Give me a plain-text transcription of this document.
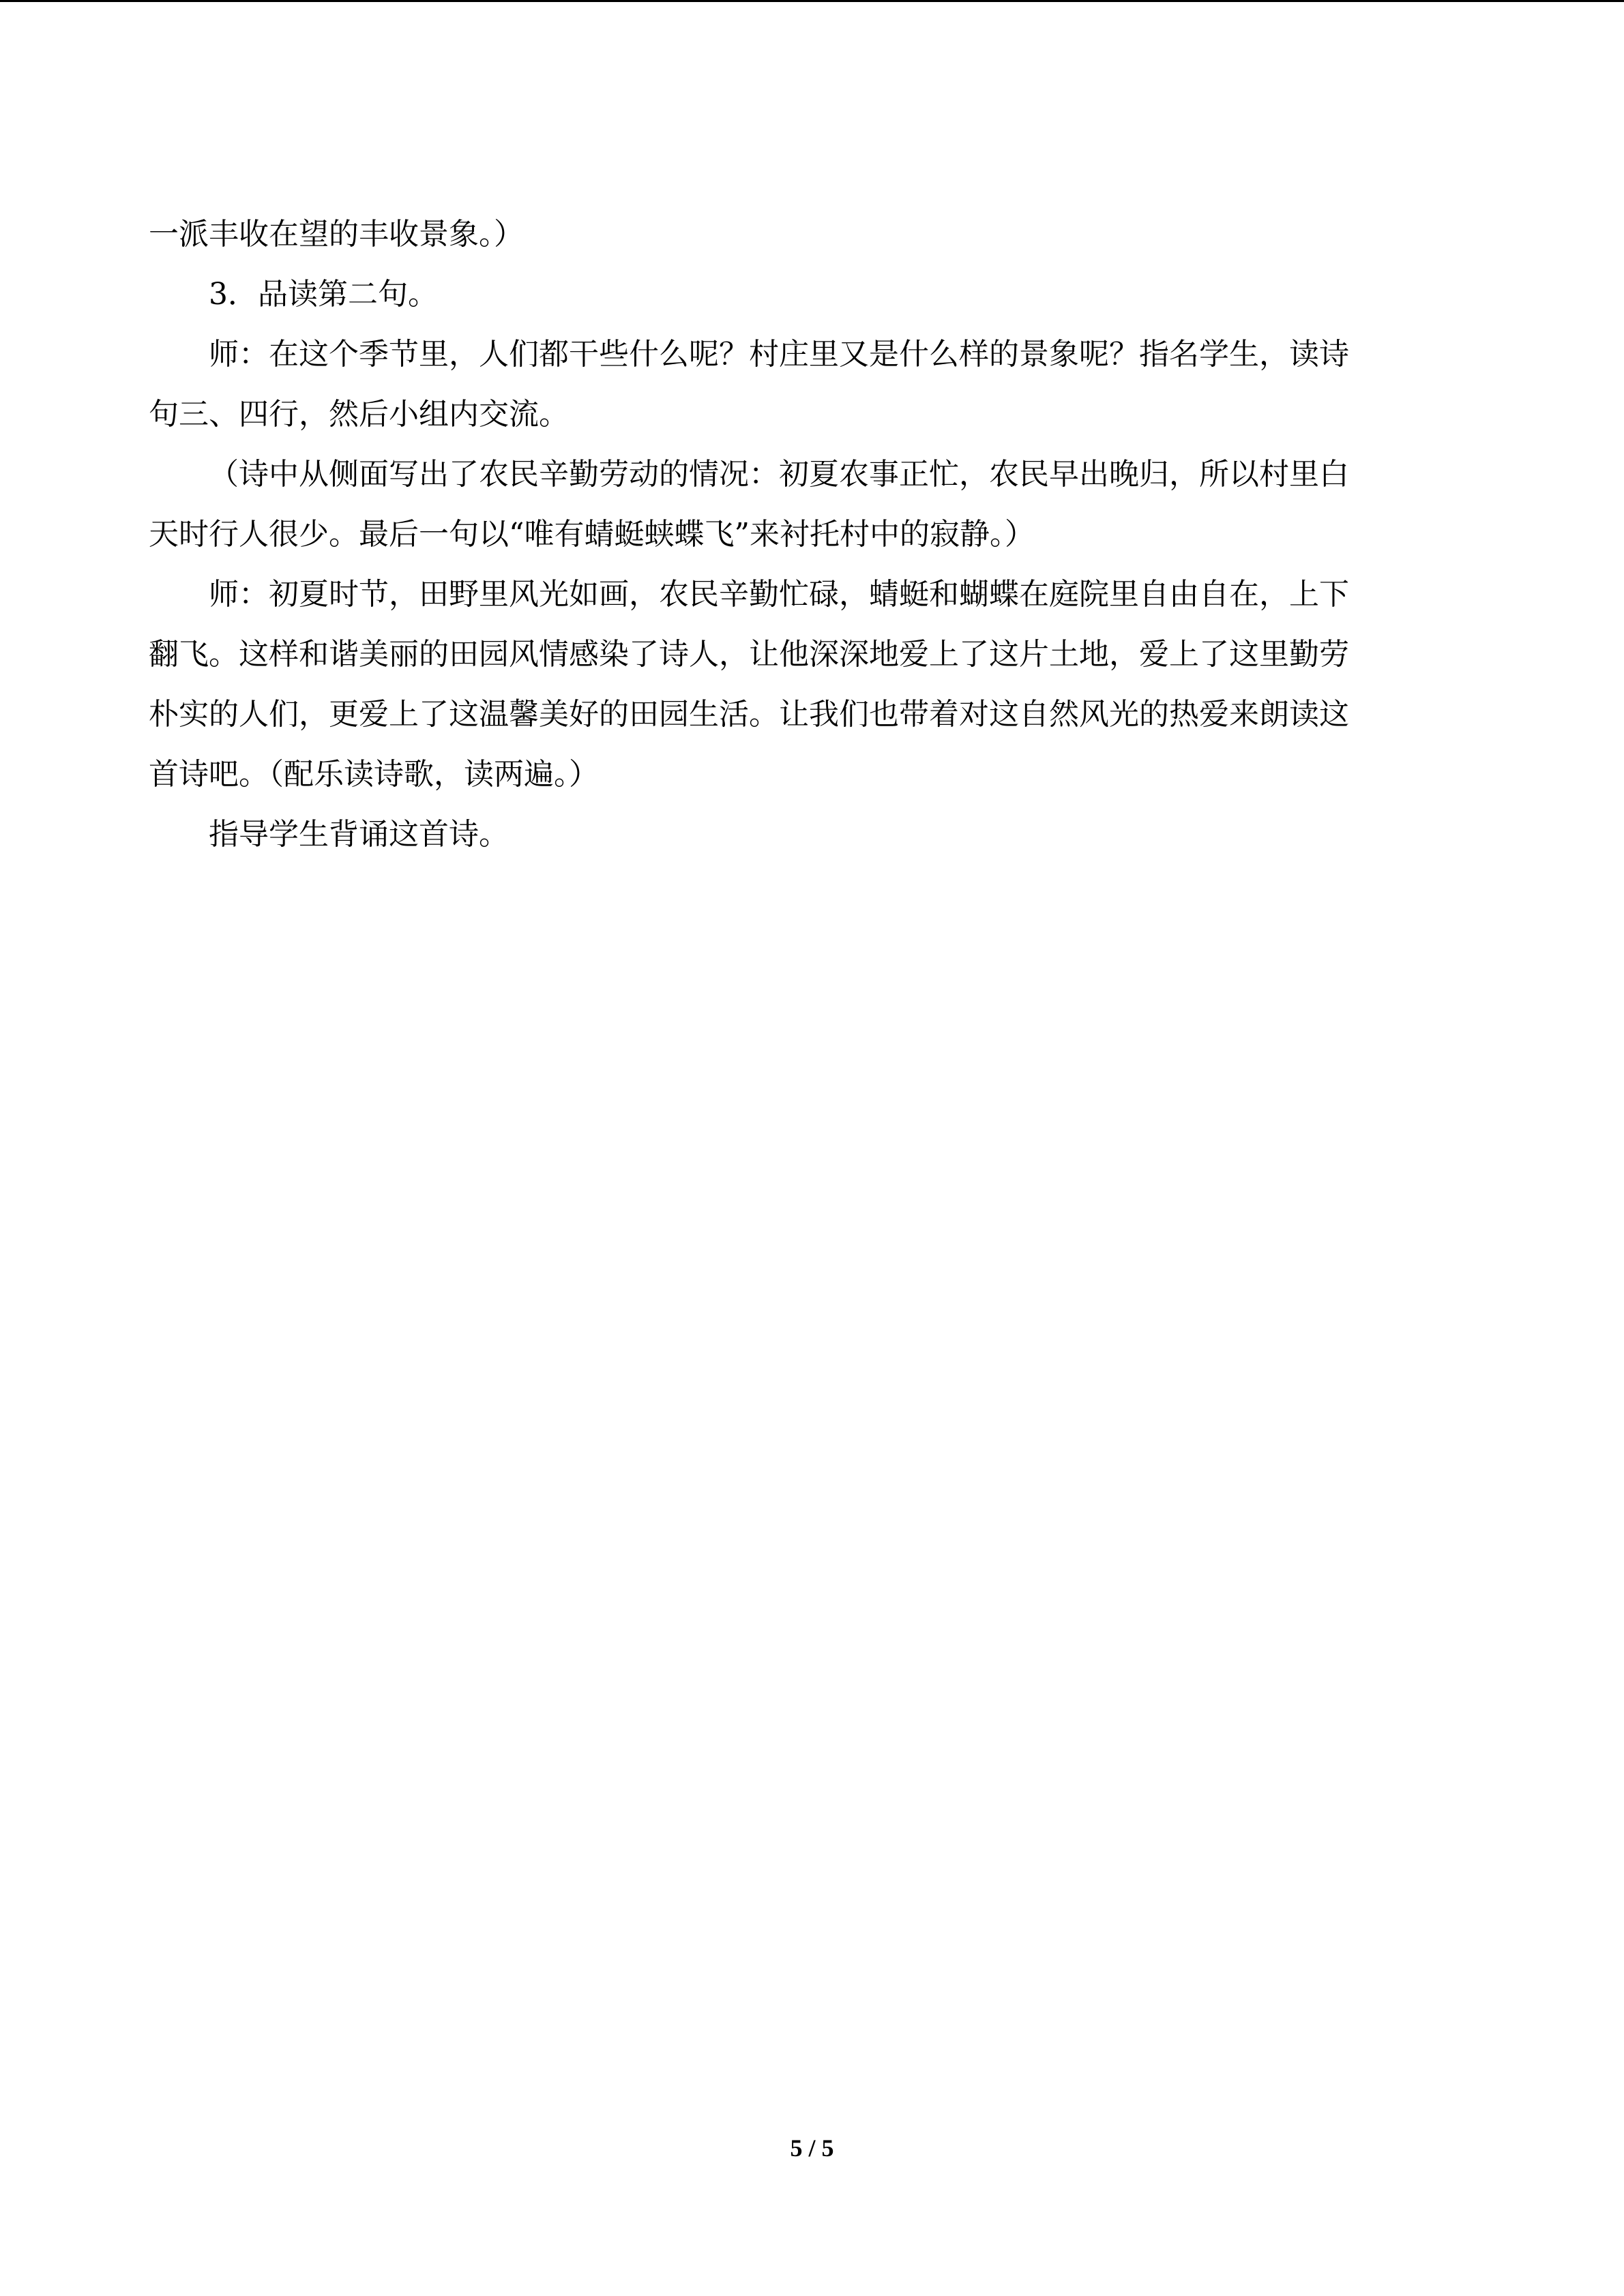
一派丰收在望的丰收景象。）

3．品读第二句。

师：在这个季节里，人们都干些什么呢？村庄里又是什么样的景象呢？指名学生，读诗

句三、四行，然后小组内交流。

（诗中从侧面写出了农民辛勤劳动的情况：初夏农事正忙，农民早出晚归，所以村里白

天时行人很少。最后一句以“唯有蜻蜓蛱蝶飞”来衬托村中的寂静。）

师：初夏时节，田野里风光如画，农民辛勤忙碌，蜻蜓和蝴蝶在庭院里自由自在，上下

翻飞。这样和谐美丽的田园风情感染了诗人，让他深深地爱上了这片土地，爱上了这里勤劳

朴实的人们，更爱上了这温馨美好的田园生活。让我们也带着对这自然风光的热爱来朗读这

首诗吧。（配乐读诗歌，读两遍。）

指导学生背诵这首诗。

5 / 5
